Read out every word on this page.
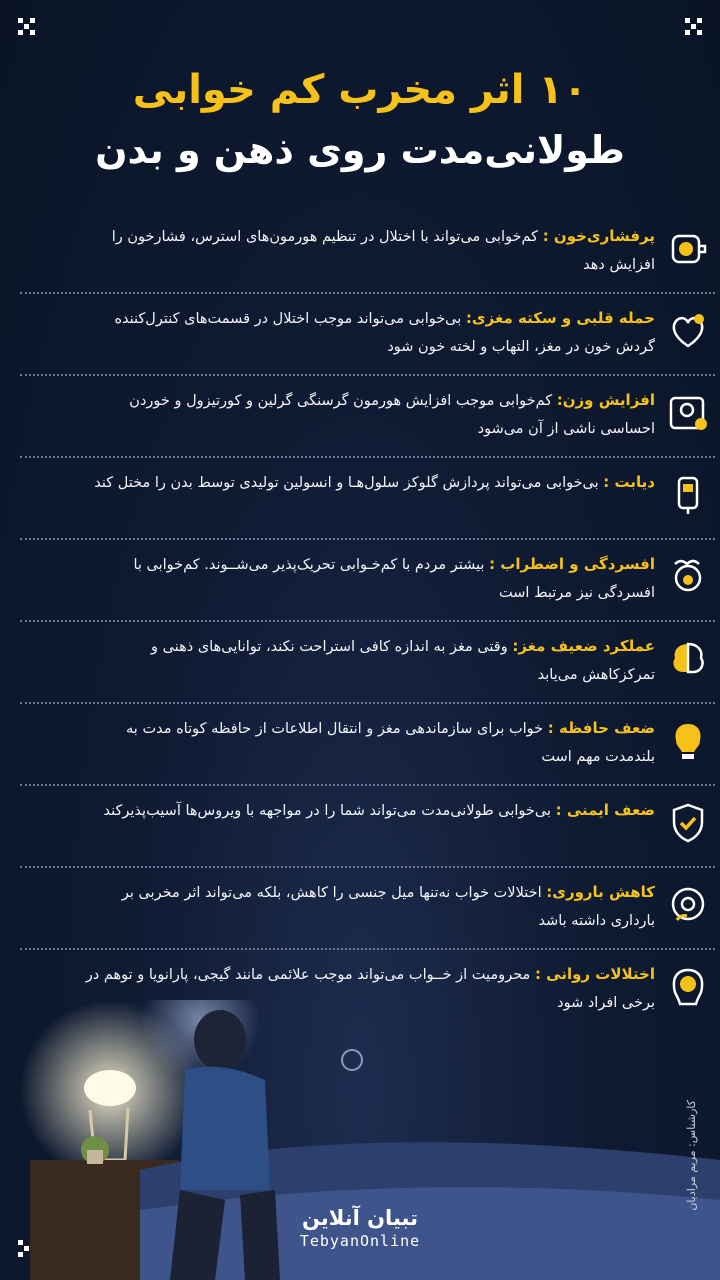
۱۰ اثر مخرب کم خوابی
طولانی‌مدت روی ذهن و بدن

پرفشاری‌خون : کم‌خوابی می‌تواند با اختلال در تنظیم هورمون‌های استرس، فشارخون را افزایش دهد

حمله قلبی و سکته مغزی: بی‌خوابی می‌تواند موجب اختلال در قسمت‌های کنترل‌کننده گردش خون در مغز، التهاب و لخته خون شود

افزایش وزن: کم‌خوابی موجب افزایش هورمون گرسنگی گرلین و کورتیزول و خوردن احساسی ناشی از آن می‌شود

دیابت : بی‌خوابی می‌تواند پردازش گلوکز سلول‌هـا و انسولین تولیدی توسط بدن را مختل کند

افسردگی و اضطراب : بیشتر مردم با کم‌خـوابی تحریک‌پذیر می‌شــوند. کم‌خوابی با افسردگی نیز مرتبط است

عملکرد ضعیف مغز: وقتی مغز به اندازه کافی استراحت نکند، توانایی‌های ذهنی و تمرکزکاهش می‌یابد

ضعف حافظه : خواب برای سازماندهی مغز و انتقال اطلاعات از حافظه کوتاه مدت به بلندمدت مهم است

ضعف ایمنی : بی‌خوابی طولانی‌مدت می‌تواند شما را در مواجهه با ویروس‌ها آسیب‌پذیرکند

کاهش باروری: اختلالات خواب نه‌تنها میل جنسی را کاهش، بلکه می‌تواند اثر مخربی بر بارداری داشته باشد

اختلالات روانی : محرومیت از خــواب می‌تواند موجب علائمی مانند گیجی، پارانویا و توهم در برخی افراد شود

کارشناس: مریم مرادیان
تبیان آنلاین
TebyanOnline
